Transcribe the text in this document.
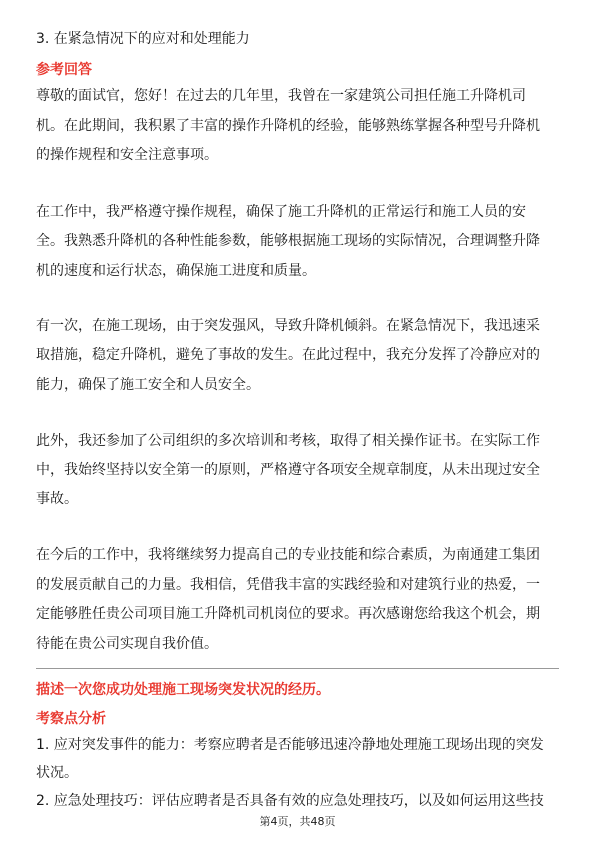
3. 在紧急情况下的应对和处理能力
参考回答
尊敬的面试官，您好！在过去的几年里，我曾在一家建筑公司担任施工升降机司
机。在此期间，我积累了丰富的操作升降机的经验，能够熟练掌握各种型号升降机
的操作规程和安全注意事项。
在工作中，我严格遵守操作规程，确保了施工升降机的正常运行和施工人员的安
全。我熟悉升降机的各种性能参数，能够根据施工现场的实际情况，合理调整升降
机的速度和运行状态，确保施工进度和质量。
有一次，在施工现场，由于突发强风，导致升降机倾斜。在紧急情况下，我迅速采
取措施，稳定升降机，避免了事故的发生。在此过程中，我充分发挥了冷静应对的
能力，确保了施工安全和人员安全。
此外，我还参加了公司组织的多次培训和考核，取得了相关操作证书。在实际工作
中，我始终坚持以安全第一的原则，严格遵守各项安全规章制度，从未出现过安全
事故。
在今后的工作中，我将继续努力提高自己的专业技能和综合素质，为南通建工集团
的发展贡献自己的力量。我相信，凭借我丰富的实践经验和对建筑行业的热爱，一
定能够胜任贵公司项目施工升降机司机岗位的要求。再次感谢您给我这个机会，期
待能在贵公司实现自我价值。
描述一次您成功处理施工现场突发状况的经历。
考察点分析
1. 应对突发事件的能力：考察应聘者是否能够迅速冷静地处理施工现场出现的突发
状况。
2. 应急处理技巧：评估应聘者是否具备有效的应急处理技巧，以及如何运用这些技
第4页，共48页
